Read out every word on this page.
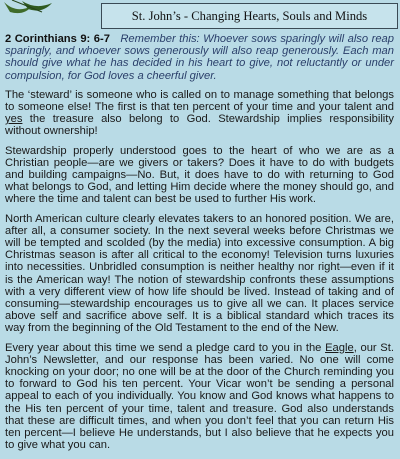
St. John’s - Changing Hearts, Souls and Minds

2 Corinthians 9: 6-7 Remember this: Whoever sows sparingly will also reap sparingly, and whoever sows generously will also reap generously. Each man should give what he has decided in his heart to give, not reluctantly or under compulsion, for God loves a cheerful giver.

The ‘steward’ is someone who is called on to manage something that belongs to someone else! The first is that ten percent of your time and your talent and yes the treasure also belong to God. Stewardship implies responsibility without ownership!

Stewardship properly understood goes to the heart of who we are as a Christian people—are we givers or takers? Does it have to do with budgets and building campaigns—No. But, it does have to do with returning to God what belongs to God, and letting Him decide where the money should go, and where the time and talent can best be used to further His work.

North American culture clearly elevates takers to an honored position. We are, after all, a consumer society. In the next several weeks before Christmas we will be tempted and scolded (by the media) into excessive consumption. A big Christmas season is after all critical to the economy! Television turns luxuries into necessities. Unbridled consumption is neither healthy nor right—even if it is the American way! The notion of stewardship confronts these assumptions with a very different view of how life should be lived. Instead of taking and of consuming—stewardship encourages us to give all we can. It places service above self and sacrifice above self. It is a biblical standard which traces its way from the beginning of the Old Testament to the end of the New.

Every year about this time we send a pledge card to you in the Eagle, our St. John’s Newsletter, and our response has been varied. No one will come knocking on your door; no one will be at the door of the Church reminding you to forward to God his ten percent. Your Vicar won’t be sending a personal appeal to each of you individually. You know and God knows what happens to the His ten percent of your time, talent and treasure. God also understands that these are difficult times, and when you don’t feel that you can return His ten percent—I believe He understands, but I also believe that he expects you to give what you can.
